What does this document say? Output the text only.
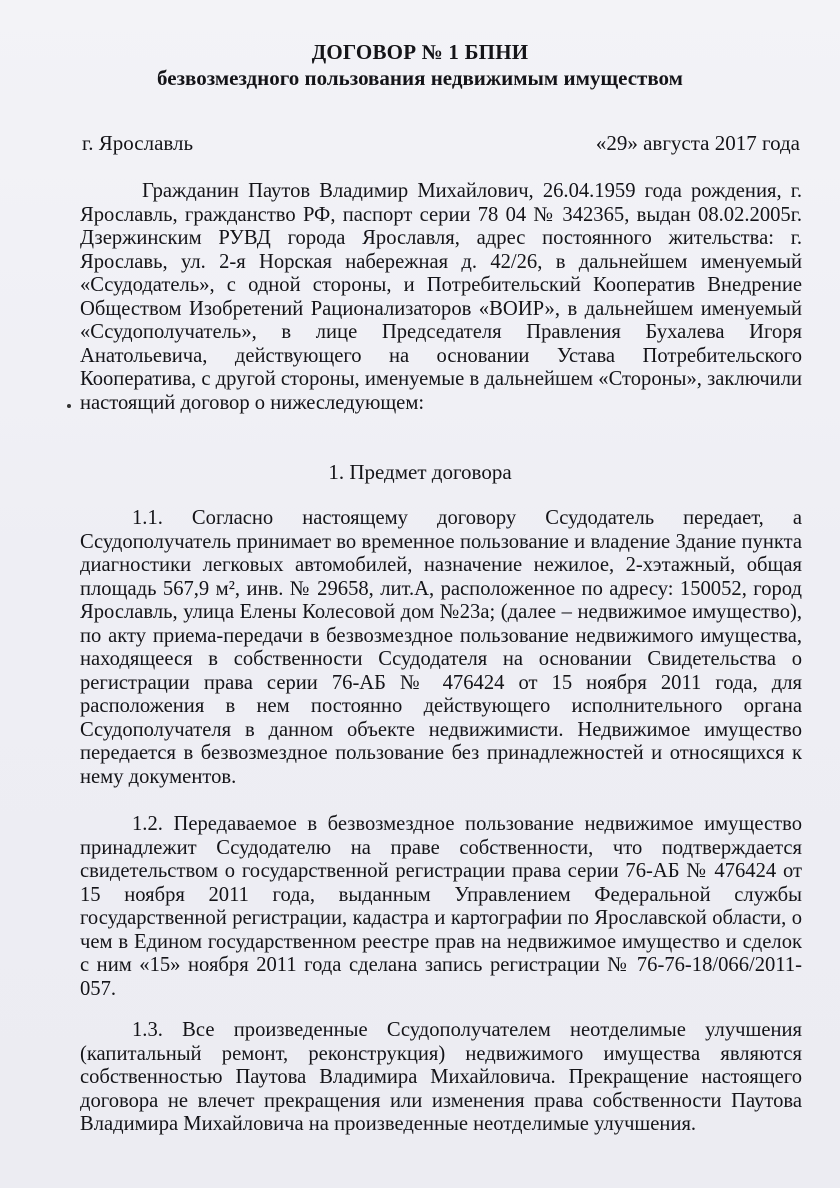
ДОГОВОР № 1 БПНИ
безвозмездного пользования недвижимым имуществом
г. Ярославль	«29» августа 2017 года
Гражданин Паутов Владимир Михайлович, 26.04.1959 года рождения, г. Ярославль, гражданство РФ, паспорт серии 78 04 № 342365, выдан 08.02.2005г. Дзержинским РУВД города Ярославля, адрес постоянного жительства: г. Ярославь, ул. 2-я Норская набережная д. 42/26, в дальнейшем именуемый «Ссудодатель», с одной стороны, и Потребительский Кооператив Внедрение Обществом Изобретений Рационализаторов «ВОИР», в дальнейшем именуемый «Ссудополучатель», в лице Председателя Правления Бухалева Игоря Анатольевича, действующего на основании Устава Потребительского Кооператива, с другой стороны, именуемые в дальнейшем «Стороны», заключили настоящий договор о нижеследующем:
1. Предмет договора
1.1. Согласно настоящему договору Ссудодатель передает, а Ссудополучатель принимает во временное пользование и владение Здание пункта диагностики легковых автомобилей, назначение нежилое, 2-хэтажный, общая площадь 567,9 м², инв. № 29658, лит.А, расположенное по адресу: 150052, город Ярославль, улица Елены Колесовой дом №23а; (далее – недвижимое имущество), по акту приема-передачи в безвозмездное пользование недвижимого имущества, находящееся в собственности Ссудодателя на основании Свидетельства о регистрации права серии 76-АБ № 476424 от 15 ноября 2011 года, для расположения в нем постоянно действующего исполнительного органа Ссудополучателя в данном объекте недвижимисти. Недвижимое имущество передается в безвозмездное пользование без принадлежностей и относящихся к нему документов.
1.2. Передаваемое в безвозмездное пользование недвижимое имущество принадлежит Ссудодателю на праве собственности, что подтверждается свидетельством о государственной регистрации права серии 76-АБ № 476424 от 15 ноября 2011 года, выданным Управлением Федеральной службы государственной регистрации, кадастра и картографии по Ярославской области, о чем в Едином государственном реестре прав на недвижимое имущество и сделок с ним «15» ноября 2011 года сделана запись регистрации № 76-76-18/066/2011-057.
1.3. Все произведенные Ссудополучателем неотделимые улучшения (капитальный ремонт, реконструкция) недвижимого имущества являются собственностью Паутова Владимира Михайловича. Прекращение настоящего договора не влечет прекращения или изменения права собственности Паутова Владимира Михайловича на произведенные неотделимые улучшения.
